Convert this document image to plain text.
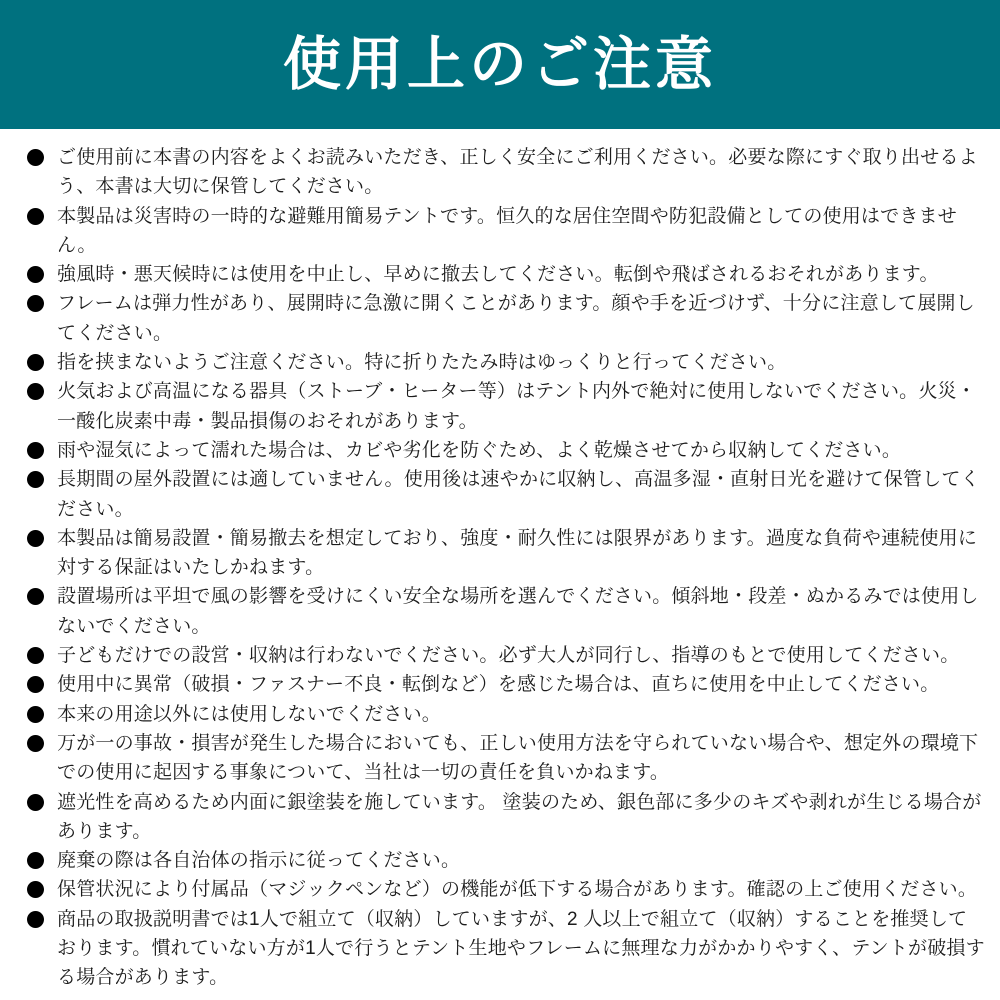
使用上のご注意
ご使用前に本書の内容をよくお読みいただき、正しく安全にご利用ください。必要な際にすぐ取り出せるよう、本書は大切に保管してください。
本製品は災害時の一時的な避難用簡易テントです。恒久的な居住空間や防犯設備としての使用はできません。
強風時・悪天候時には使用を中止し、早めに撤去してください。転倒や飛ばされるおそれがあります。
フレームは弾力性があり、展開時に急激に開くことがあります。顔や手を近づけず、十分に注意して展開してください。
指を挟まないようご注意ください。特に折りたたみ時はゆっくりと行ってください。
火気および高温になる器具（ストーブ・ヒーター等）はテント内外で絶対に使用しないでください。火災・一酸化炭素中毒・製品損傷のおそれがあります。
雨や湿気によって濡れた場合は、カビや劣化を防ぐため、よく乾燥させてから収納してください。
長期間の屋外設置には適していません。使用後は速やかに収納し、高温多湿・直射日光を避けて保管してください。
本製品は簡易設置・簡易撤去を想定しており、強度・耐久性には限界があります。過度な負荷や連続使用に対する保証はいたしかねます。
設置場所は平坦で風の影響を受けにくい安全な場所を選んでください。傾斜地・段差・ぬかるみでは使用しないでください。
子どもだけでの設営・収納は行わないでください。必ず大人が同行し、指導のもとで使用してください。
使用中に異常（破損・ファスナー不良・転倒など）を感じた場合は、直ちに使用を中止してください。
本来の用途以外には使用しないでください。
万が一の事故・損害が発生した場合においても、正しい使用方法を守られていない場合や、想定外の環境下での使用に起因する事象について、当社は一切の責任を負いかねます。
遮光性を高めるため内面に銀塗装を施しています。 塗装のため、銀色部に多少のキズや剥れが生じる場合があります。
廃棄の際は各自治体の指示に従ってください。
保管状況により付属品（マジックペンなど）の機能が低下する場合があります。確認の上ご使用ください。
商品の取扱説明書では1人で組立て（収納）していますが、2 人以上で組立て（収納）することを推奨しております。慣れていない方が1人で行うとテント生地やフレームに無理な力がかかりやすく、テントが破損する場合があります。
